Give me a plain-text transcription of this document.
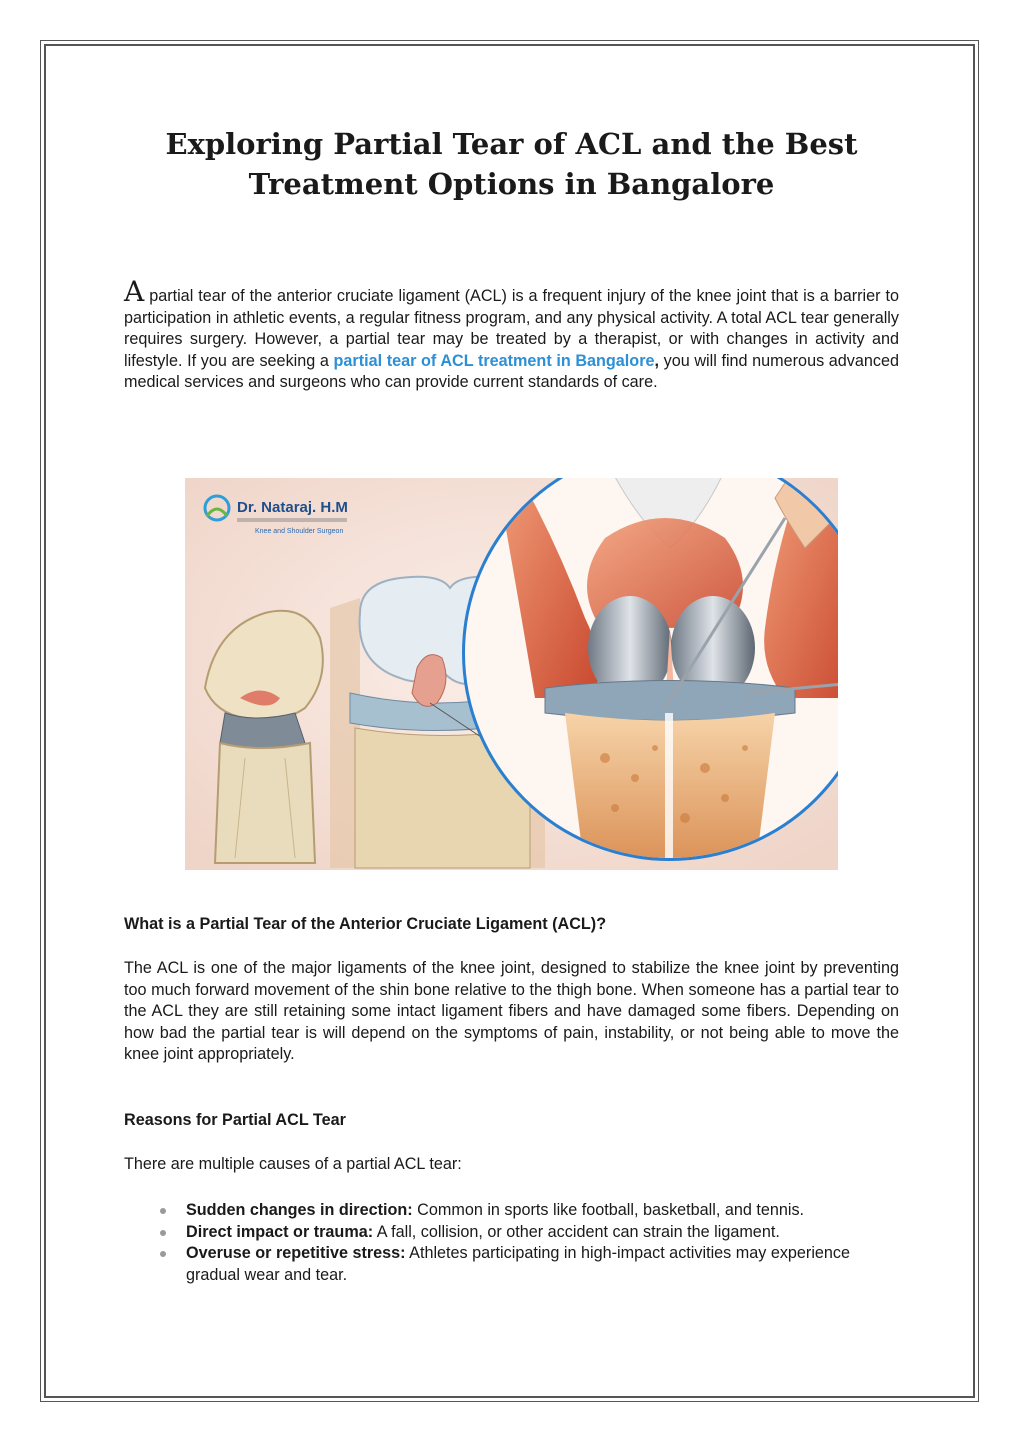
Exploring Partial Tear of ACL and the Best
Treatment Options in Bangalore

A partial tear of the anterior cruciate ligament (ACL) is a frequent injury of the knee joint that is a barrier to participation in athletic events, a regular fitness program, and any physical activity. A total ACL tear generally requires surgery. However, a partial tear may be treated by a therapist, or with changes in activity and lifestyle. If you are seeking a partial tear of ACL treatment in Bangalore, you will find numerous advanced medical services and surgeons who can provide current standards of care.

Dr. Nataraj. H.M
Knee and Shoulder Surgeon
What is a Partial Tear of the Anterior Cruciate Ligament (ACL)?

The ACL is one of the major ligaments of the knee joint, designed to stabilize the knee joint by preventing too much forward movement of the shin bone relative to the thigh bone. When someone has a partial tear to the ACL they are still retaining some intact ligament fibers and have damaged some fibers. Depending on how bad the partial tear is will depend on the symptoms of pain, instability, or not being able to move the knee joint appropriately.

Reasons for Partial ACL Tear

There are multiple causes of a partial ACL tear:

Sudden changes in direction: Common in sports like football, basketball, and tennis.
Direct impact or trauma: A fall, collision, or other accident can strain the ligament.
Overuse or repetitive stress: Athletes participating in high-impact activities may experience gradual wear and tear.
